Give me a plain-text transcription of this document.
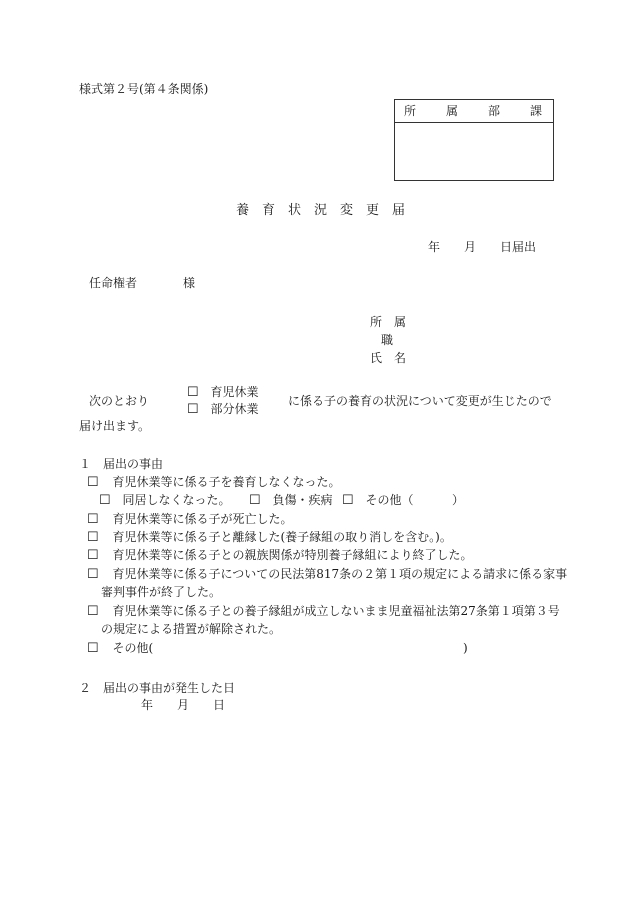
様式第２号(第４条関係)
所　　属　　部　　課
養　育　状　況　変　更　届
年　　月　　日届出
任命権者	様
所　属
職
氏　名
次のとおり
☐ 育児休業
☐ 部分休業
に係る子の養育の状況について変更が生じたので
届け出ます。
１　届出の事由
☐ 育児休業等に係る子を養育しなくなった。
☐ 同居しなくなった。 ☐ 負傷・疾病 ☐ その他（	）
☐ 育児休業等に係る子が死亡した。
☐ 育児休業等に係る子と離縁した(養子縁組の取り消しを含む。)。
☐ 育児休業等に係る子との親族関係が特別養子縁組により終了した。
☐ 育児休業等に係る子についての民法第817条の２第１項の規定による請求に係る家事
審判事件が終了した。
☐ 育児休業等に係る子との養子縁組が成立しないまま児童福祉法第27条第１項第３号
の規定による措置が解除された。
☐ その他(	)
２　届出の事由が発生した日
年　　月　　日
